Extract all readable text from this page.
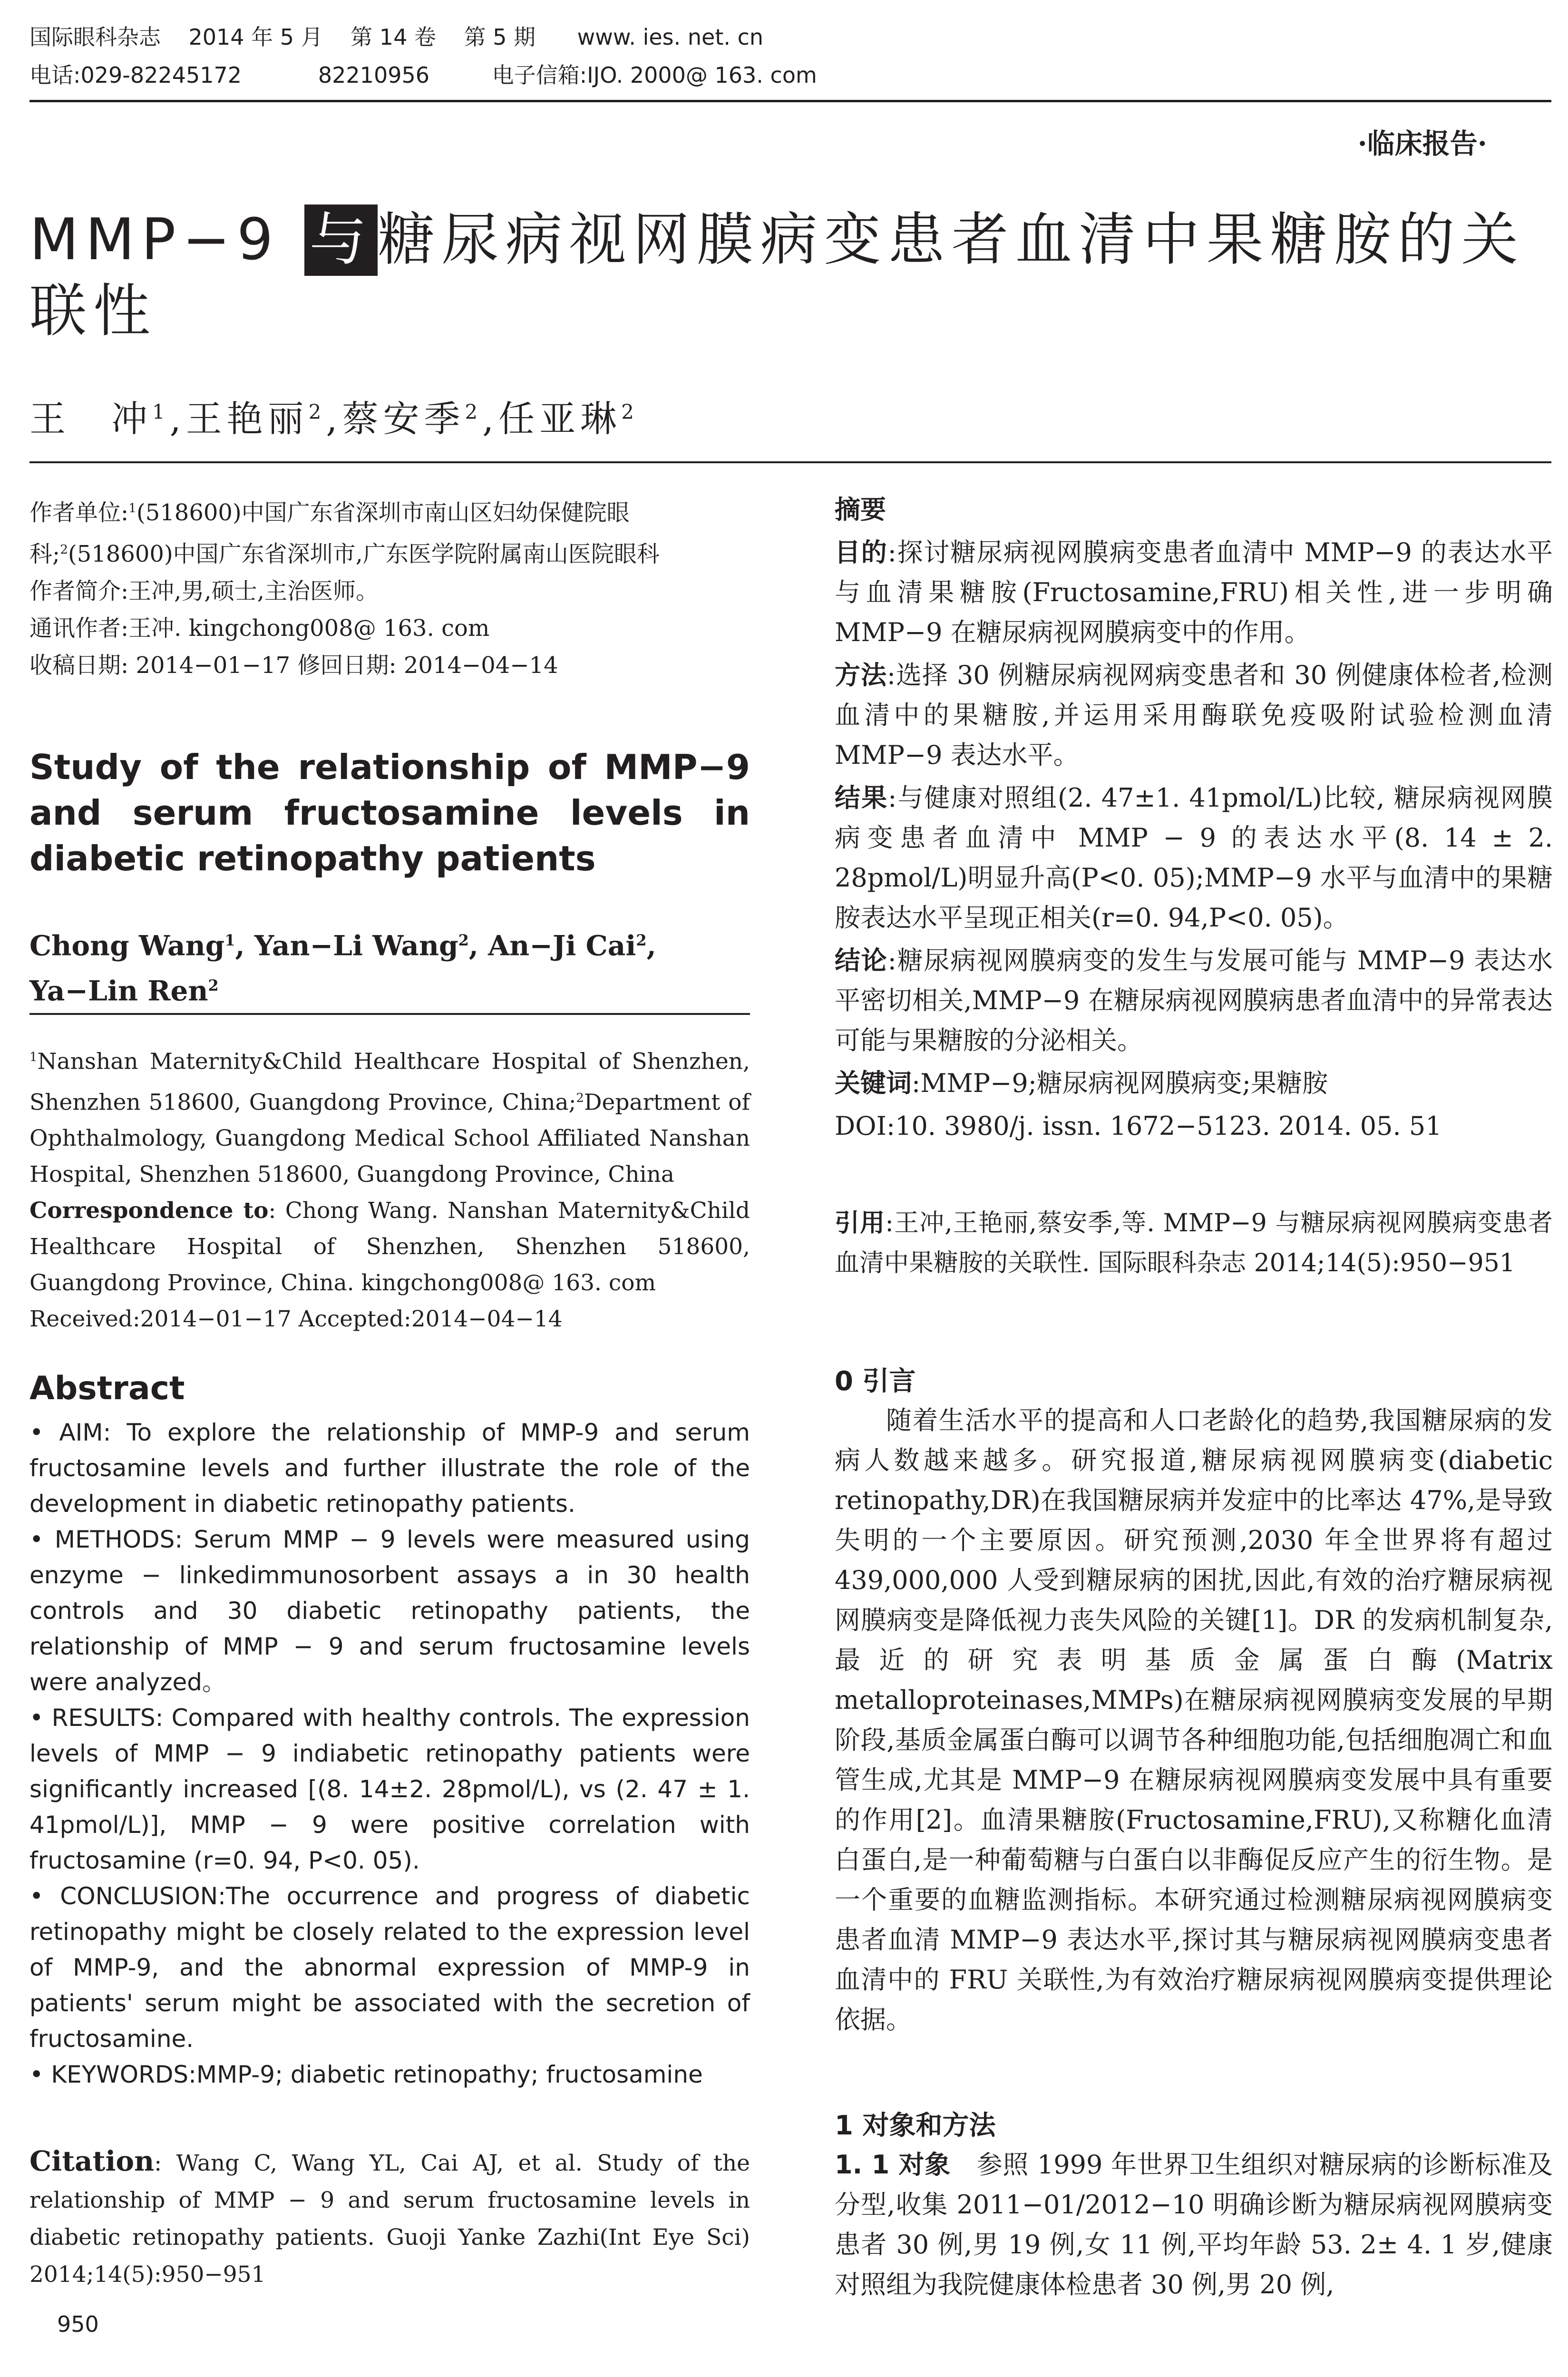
国际眼科杂志    2014 年 5 月    第 14 卷    第 5 期      www. ies. net. cn
电话:029-82245172           82210956         电子信箱:IJO. 2000@ 163. com
·临床报告·
MMP−9 与糖尿病视网膜病变患者血清中果糖胺的关联性
王　冲$^1$,王艳丽$^2$,蔡安季$^2$,任亚琳$^2$

作者单位:$^1$(518600)中国广东省深圳市南山区妇幼保健院眼科;$^2$(518600)中国广东省深圳市,广东医学院附属南山医院眼科

作者简介:王冲,男,硕士,主治医师。

通讯作者:王冲. kingchong008@ 163. com

收稿日期: 2014−01−17 修回日期: 2014−04−14

Study of the relationship of MMP−9 and serum fructosamine levels in diabetic retinopathy patients
Chong Wang$^1$, Yan−Li Wang$^2$, An−Ji Cai$^2$, Ya−Lin Ren$^2$

$^1$Nanshan Maternity&Child Healthcare Hospital of Shenzhen, Shenzhen 518600, Guangdong Province, China;$^2$Department of Ophthalmology, Guangdong Medical School Affiliated Nanshan Hospital, Shenzhen 518600, Guangdong Province, China

Correspondence to: Chong Wang. Nanshan Maternity&Child Healthcare Hospital of Shenzhen, Shenzhen 518600, Guangdong Province, China. kingchong008@ 163. com

Received:2014−01−17 Accepted:2014−04−14

Abstract

• AIM: To explore the relationship of MMP-9 and serum fructosamine levels and further illustrate the role of the development in diabetic retinopathy patients.

• METHODS: Serum MMP − 9 levels were measured using enzyme − linkedimmunosorbent assays a in 30 health controls and 30 diabetic retinopathy patients, the relationship of MMP − 9 and serum fructosamine levels were analyzed。

• RESULTS: Compared with healthy controls. The expression levels of MMP − 9 indiabetic retinopathy patients were significantly increased [(8. 14±2. 28pmol/L), vs (2. 47 ± 1. 41pmol/L)], MMP − 9 were positive correlation with fructosamine (r=0. 94, P<0. 05).

• CONCLUSION:The occurrence and progress of diabetic retinopathy might be closely related to the expression level of MMP-9, and the abnormal expression of MMP-9 in patients' serum might be associated with the secretion of fructosamine.

• KEYWORDS:MMP-9; diabetic retinopathy; fructosamine

Citation: Wang C, Wang YL, Cai AJ, et al. Study of the relationship of MMP − 9 and serum fructosamine levels in diabetic retinopathy patients. Guoji Yanke Zazhi(Int Eye Sci) 2014;14(5):950−951
950

摘要

目的:探讨糖尿病视网膜病变患者血清中 MMP−9 的表达水平与血清果糖胺(Fructosamine,FRU)相关性,进一步明确 MMP−9 在糖尿病视网膜病变中的作用。

方法:选择 30 例糖尿病视网病变患者和 30 例健康体检者,检测血清中的果糖胺,并运用采用酶联免疫吸附试验检测血清 MMP−9 表达水平。

结果:与健康对照组(2. 47±1. 41pmol/L)比较, 糖尿病视网膜病变患者血清中 MMP − 9 的表达水平(8. 14 ± 2. 28pmol/L)明显升高(P<0. 05);MMP−9 水平与血清中的果糖胺表达水平呈现正相关(r=0. 94,P<0. 05)。

结论:糖尿病视网膜病变的发生与发展可能与 MMP−9 表达水平密切相关,MMP−9 在糖尿病视网膜病患者血清中的异常表达可能与果糖胺的分泌相关。

关键词:MMP−9;糖尿病视网膜病变;果糖胺

DOI:10. 3980/j. issn. 1672−5123. 2014. 05. 51

引用:王冲,王艳丽,蔡安季,等. MMP−9 与糖尿病视网膜病变患者血清中果糖胺的关联性. 国际眼科杂志 2014;14(5):950−951
0 引言
随着生活水平的提高和人口老龄化的趋势,我国糖尿病的发病人数越来越多。研究报道,糖尿病视网膜病变(diabetic retinopathy,DR)在我国糖尿病并发症中的比率达 47%,是导致失明的一个主要原因。研究预测,2030 年全世界将有超过 439,000,000 人受到糖尿病的困扰,因此,有效的治疗糖尿病视网膜病变是降低视力丧失风险的关键[1]。DR 的发病机制复杂,最近的研究表明基质金属蛋白酶(Matrix metalloproteinases,MMPs)在糖尿病视网膜病变发展的早期阶段,基质金属蛋白酶可以调节各种细胞功能,包括细胞凋亡和血管生成,尤其是 MMP−9 在糖尿病视网膜病变发展中具有重要的作用[2]。血清果糖胺(Fructosamine,FRU),又称糖化血清白蛋白,是一种葡萄糖与白蛋白以非酶促反应产生的衍生物。是一个重要的血糖监测指标。本研究通过检测糖尿病视网膜病变患者血清 MMP−9 表达水平,探讨其与糖尿病视网膜病变患者血清中的 FRU 关联性,为有效治疗糖尿病视网膜病变提供理论依据。
1 对象和方法
1. 1 对象　 参照 1999 年世界卫生组织对糖尿病的诊断标准及分型,收集 2011−01/2012−10 明确诊断为糖尿病视网膜病变患者 30 例,男 19 例,女 11 例,平均年龄 53. 2± 4. 1 岁,健康对照组为我院健康体检患者 30 例,男 20 例,
